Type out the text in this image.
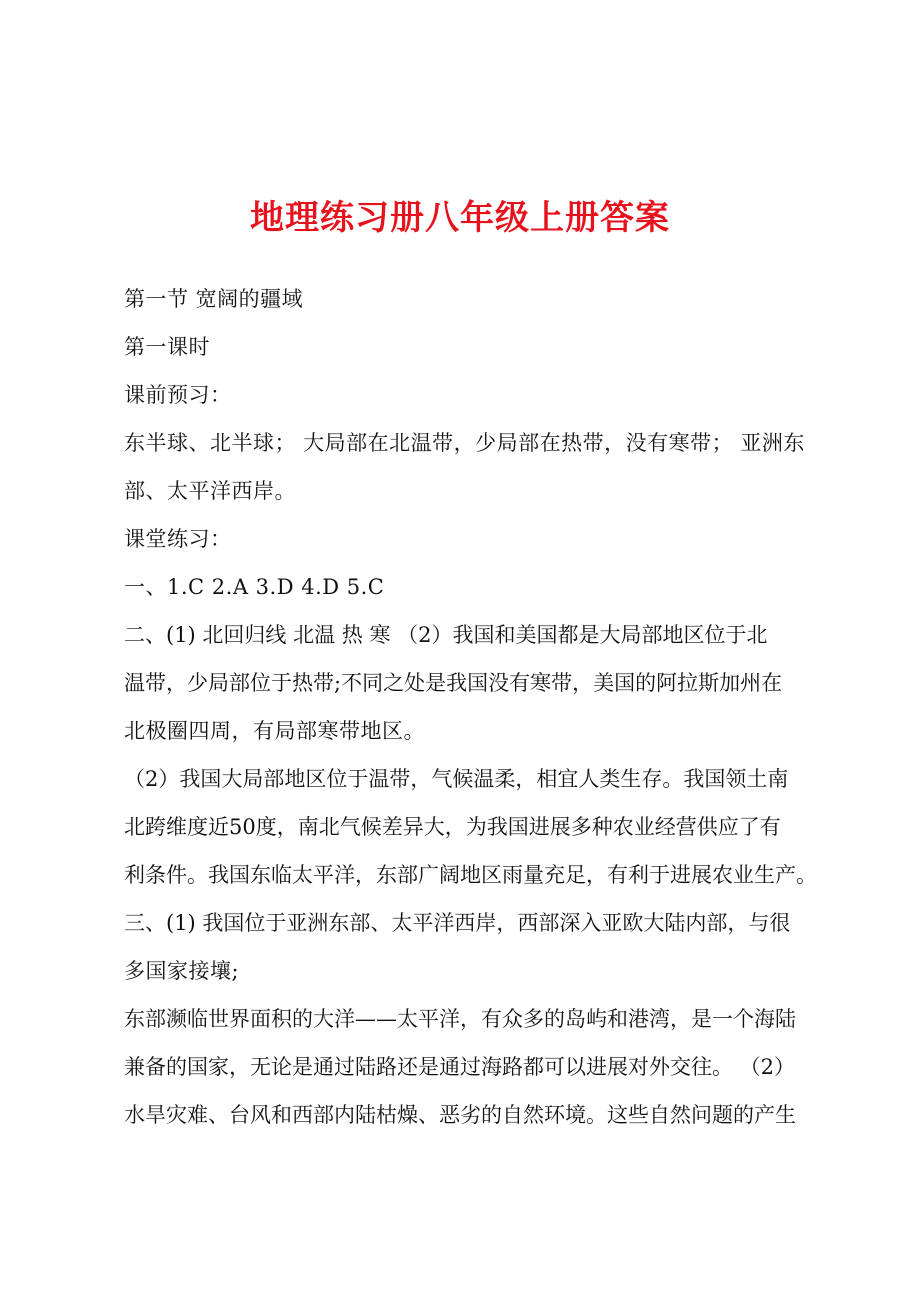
地理练习册八年级上册答案
第一节 宽阔的疆域
第一课时
课前预习：
东半球、北半球； 大局部在北温带，少局部在热带，没有寒带； 亚洲东
部、太平洋西岸。
课堂练习：
一、1.C 2.A 3.D 4.D 5.C
二、(1) 北回归线 北温 热 寒 （2）我国和美国都是大局部地区位于北
温带，少局部位于热带;不同之处是我国没有寒带，美国的阿拉斯加州在
北极圈四周，有局部寒带地区。
（2）我国大局部地区位于温带，气候温柔，相宜人类生存。我国领土南
北跨维度近50度，南北气候差异大，为我国进展多种农业经营供应了有
利条件。我国东临太平洋，东部广阔地区雨量充足，有利于进展农业生产。
三、(1) 我国位于亚洲东部、太平洋西岸，西部深入亚欧大陆内部，与很
多国家接壤;
东部濒临世界面积的大洋——太平洋，有众多的岛屿和港湾，是一个海陆
兼备的国家，无论是通过陆路还是通过海路都可以进展对外交往。 （2）
水旱灾难、台风和西部内陆枯燥、恶劣的自然环境。这些自然问题的产生
